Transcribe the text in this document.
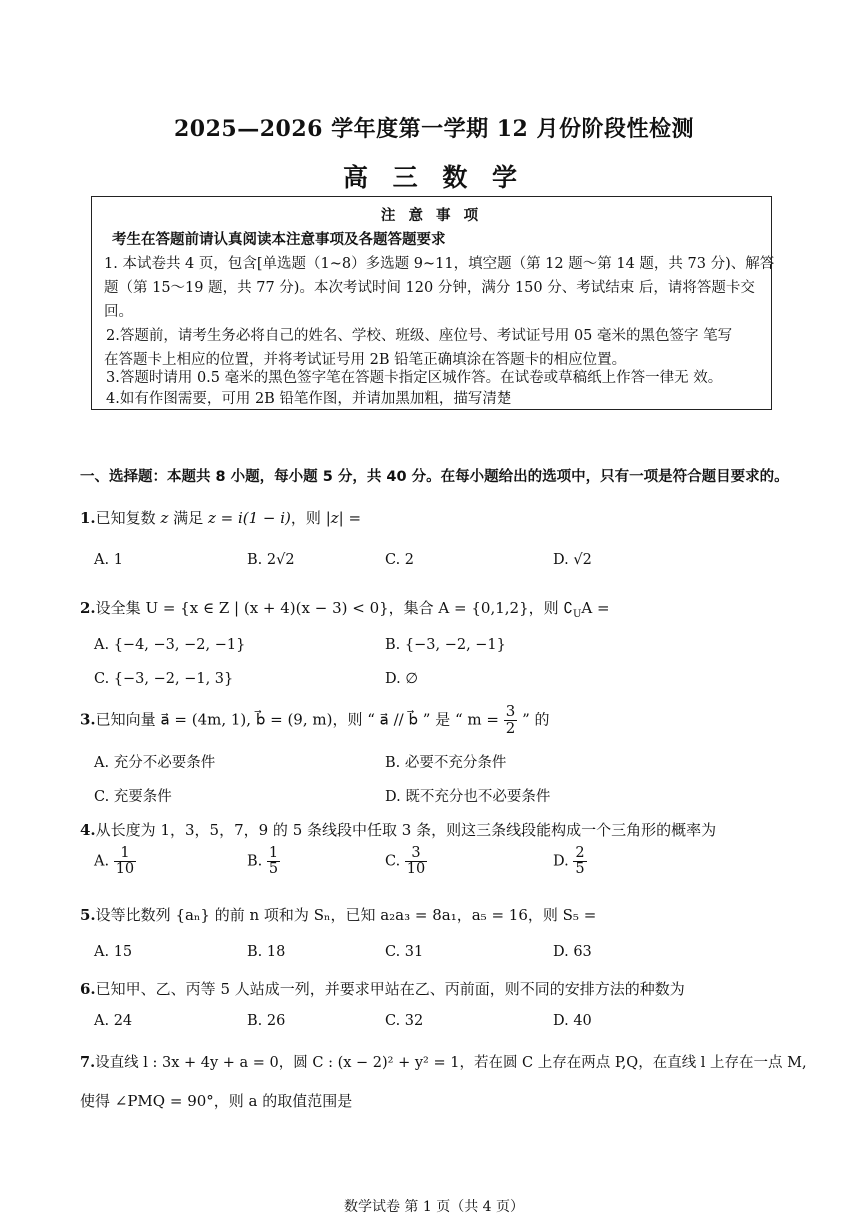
2025—2026 学年度第一学期 12 月份阶段性检测
高 三 数 学
注 意 事 项
考生在答题前请认真阅读本注意事项及各题答题要求
1. 本试卷共 4 页，包含[单选题（1~8）多选题 9~11，填空题（第 12 题～第 14 题，共 73 分)、解答
题（第 15～19 题，共 77 分)。本次考试时间 120 分钟，满分 150 分、考试结束 后，请将答题卡交
回。
2.答题前，请考生务必将自己的姓名、学校、班级、座位号、考试证号用 05 毫米的黑色签字 笔写
在答题卡上相应的位置，并将考试证号用 2B 铅笔正确填涂在答题卡的相应位置。
3.答题时请用 0.5 毫米的黑色签字笔在答题卡指定区城作答。在试卷或草稿纸上作答一律无 效。
4.如有作图需要，可用 2B 铅笔作图，并请加黑加粗，描写清楚
一、选择题：本题共 8 小题，每小题 5 分，共 40 分。在每小题给出的选项中，只有一项是符合题目要求的。
1.已知复数 z 满足 z = i(1 − i)，则 |z| =
A. 1	B. 2√2	C. 2	D. √2
2.设全集 U = {x ∈ Z | (x + 4)(x − 3) < 0}，集合 A = {0,1,2}，则 $∁_UA$ =
A. {−4, −3, −2, −1}	B. {−3, −2, −1}
C. {−3, −2, −1, 3}	D. ∅
3.已知向量 a⃗ = (4m, 1), b⃗ = (9, m)，则 “ a⃗ // b⃗ ” 是 “ $m = \frac{3}{2}$ ” 的
A. 充分不必要条件	B. 必要不充分条件
C. 充要条件	D. 既不充分也不必要条件
4.从长度为 1，3，5，7，9 的 5 条线段中任取 3 条，则这三条线段能构成一个三角形的概率为
A. $\frac{1}{10}$	B. $\frac{1}{5}$	C. $\frac{3}{10}$	D. $\frac{2}{5}$
5.设等比数列 {aₙ} 的前 n 项和为 Sₙ，已知 a₂a₃ = 8a₁，a₅ = 16，则 S₅ =
A. 15	B. 18	C. 31	D. 63
6.已知甲、乙、丙等 5 人站成一列，并要求甲站在乙、丙前面，则不同的安排方法的种数为
A. 24	B. 26	C. 32	D. 40
7.设直线 l : 3x + 4y + a = 0，圆 C : (x − 2)² + y² = 1，若在圆 C 上存在两点 P,Q，在直线 l 上存在一点 M,
使得 ∠PMQ = 90°，则 a 的取值范围是
数学试卷 第 1 页（共 4 页）
